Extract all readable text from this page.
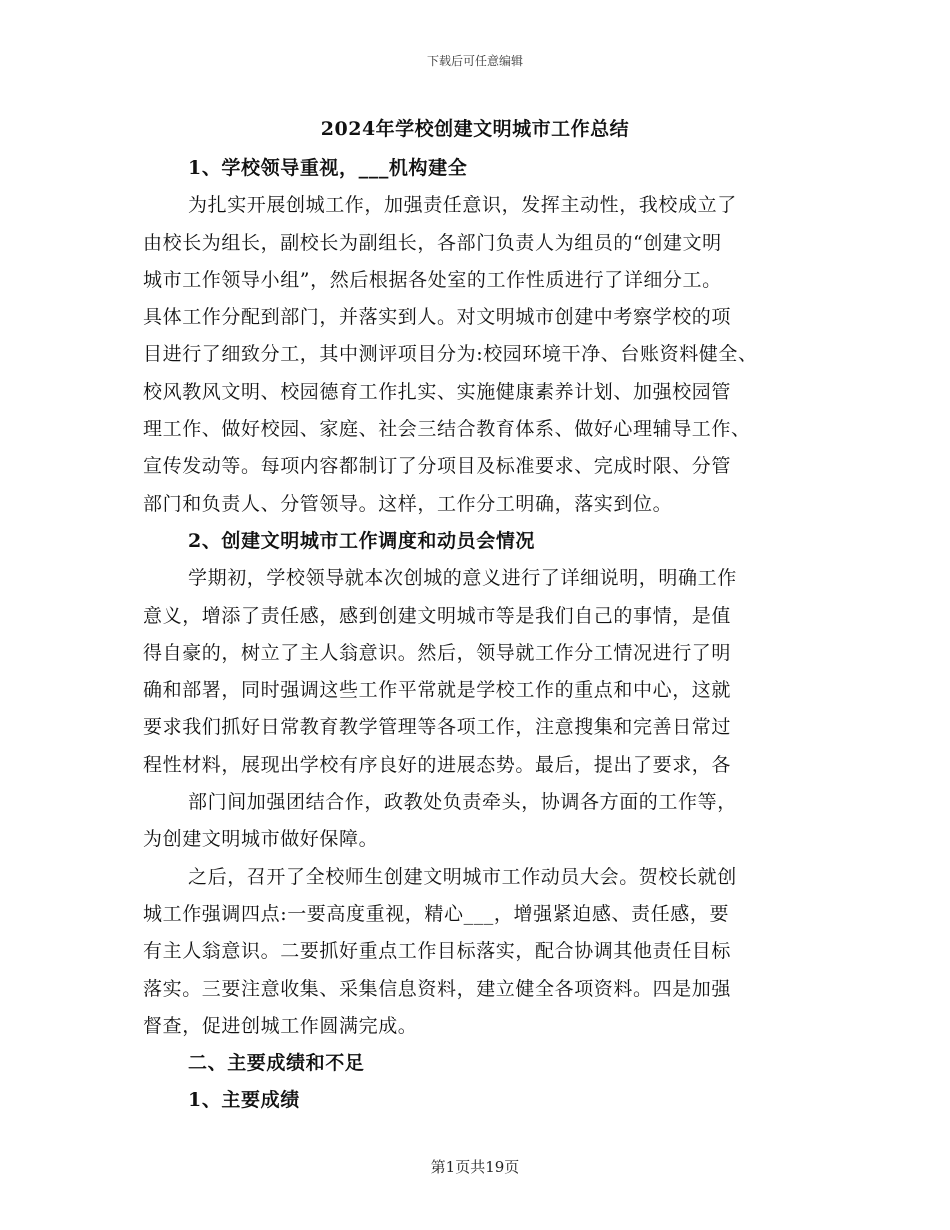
下载后可任意编辑
2024年学校创建文明城市工作总结
1、学校领导重视，___机构建全
为扎实开展创城工作，加强责任意识，发挥主动性，我校成立了
由校长为组长，副校长为副组长，各部门负责人为组员的“创建文明
城市工作领导小组”，然后根据各处室的工作性质进行了详细分工。
具体工作分配到部门，并落实到人。对文明城市创建中考察学校的项
目进行了细致分工，其中测评项目分为:校园环境干净、台账资料健全、
校风教风文明、校园德育工作扎实、实施健康素养计划、加强校园管
理工作、做好校园、家庭、社会三结合教育体系、做好心理辅导工作、
宣传发动等。每项内容都制订了分项目及标准要求、完成时限、分管
部门和负责人、分管领导。这样，工作分工明确，落实到位。
2、创建文明城市工作调度和动员会情况
学期初，学校领导就本次创城的意义进行了详细说明，明确工作
意义，增添了责任感，感到创建文明城市等是我们自己的事情，是值
得自豪的，树立了主人翁意识。然后，领导就工作分工情况进行了明
确和部署，同时强调这些工作平常就是学校工作的重点和中心，这就
要求我们抓好日常教育教学管理等各项工作，注意搜集和完善日常过
程性材料，展现出学校有序良好的进展态势。最后，提出了要求，各
部门间加强团结合作，政教处负责牵头，协调各方面的工作等，
为创建文明城市做好保障。
之后，召开了全校师生创建文明城市工作动员大会。贺校长就创
城工作强调四点:一要高度重视，精心___，增强紧迫感、责任感，要
有主人翁意识。二要抓好重点工作目标落实，配合协调其他责任目标
落实。三要注意收集、采集信息资料，建立健全各项资料。四是加强
督查，促进创城工作圆满完成。
二、主要成绩和不足
1、主要成绩
第1页共19页
